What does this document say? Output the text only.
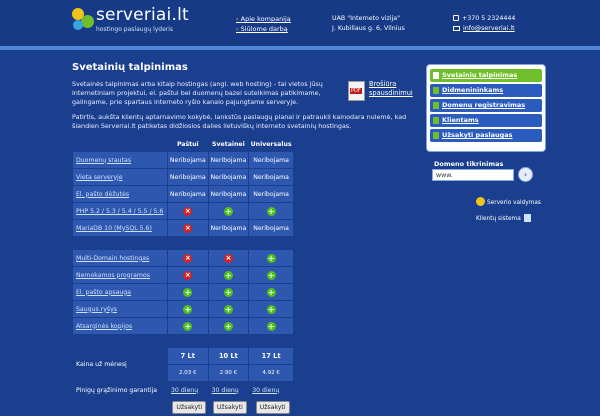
serveriai.lt
hostingo paslaugų lyderis
› Apie kompaniją
› Siūlome darbą
UAB "Interneto vizija"
J. Kubiliaus g. 6, Vilnius
+370 5 2324444
info@serveriai.lt
Svetainių talpinimas
Svetainės talpinimas arba kitaip hostingas (angl. web hosting) - tai vietos jūsų internetiniam projektui, el. paštui bei duomenų bazei suteikimas patikimame, galingame, prie spartaus interneto ryšio kanalo pajungtame serveryje.
Patirtis, aukšta klientų aptarnavimo kokybė, lankstūs paslaugų planai ir patraukli kainodara nulemė, kad šiandien Serveriai.lt patiketas didžiosios dalies lietuviškų interneto svetainių hostingas.
PDF
Brošiūra spausdinimui
	Paštui	Svetainei	Universalus
Duomenų srautas	Neribojama	Neribojama	Neribojama
Vieta serveryje	Neribojama	Neribojama	Neribojama
El. pašto dėžutės	Neribojama	Neribojama	Neribojama
PHP 5.2 / 5.3 / 5.4 / 5.5 / 5.6	×	+	+
MariaDB 10 (MySQL 5.6)	×	Neribojama	Neribojama

Multi-Domain hostingas	×	×	+
Nemokamos programos	×	+	+
El. pašto apsauga	+	+	+
Saugus ryšys	+	+	+
Atsarginės kopijos	+	+	+

Kaina už mėnesį	7 Lt	10 Lt	17 Lt
	2.03 €	2.90 €	4.92 €
Pinigų grąžinimo garantija	30 dienų	30 dienų	30 dienų
	Užsakyti	Užsakyti	Užsakyti
Svetainių talpinimas
Didmenininkams
Domenų registravimas
Klientams
Užsakyti paslaugas
Domeno tikrinimas
www.	›
Serverio valdymas
Klientų sistema
